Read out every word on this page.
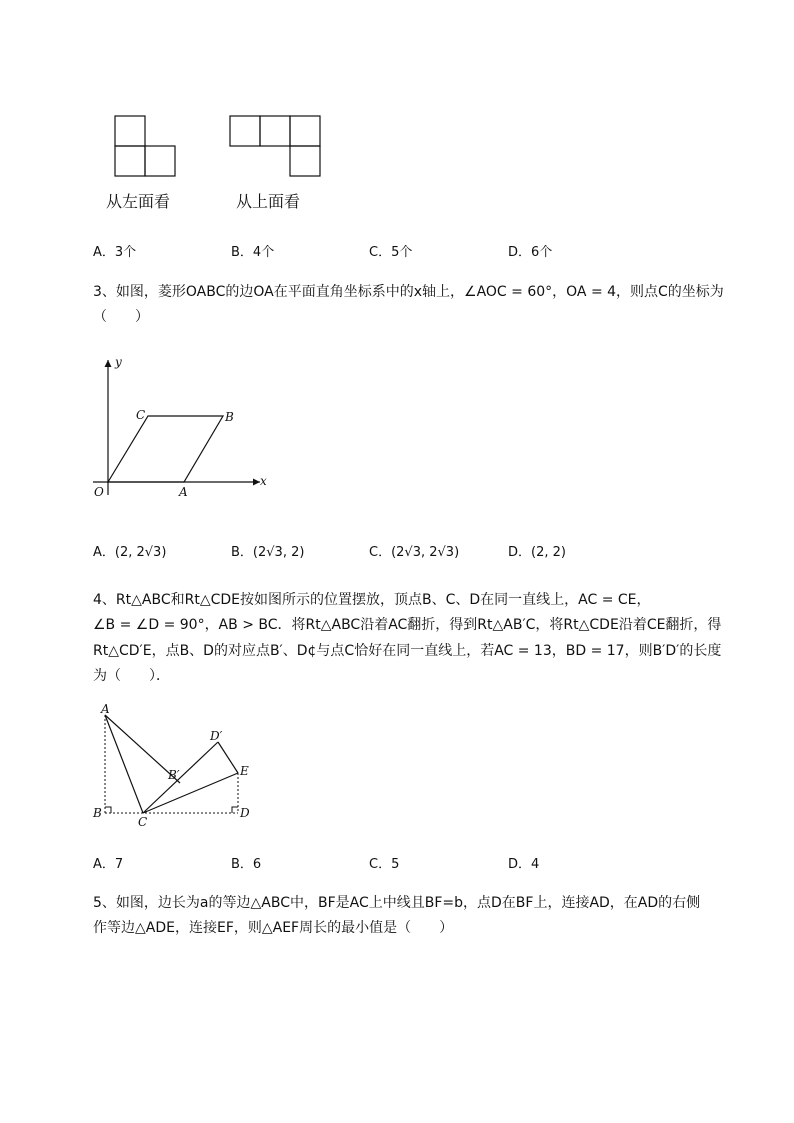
从左面看	从上面看
A．3个	B．4个	C．5个	D．6个
3、如图，菱形OABC的边OA在平面直角坐标系中的x轴上，∠AOC = 60°，OA = 4，则点C的坐标为
（　　）
y
x
O	A
B
C
A．(2, 2√3)	B．(2√3, 2)	C．(2√3, 2√3)	D．(2, 2)
4、Rt△ABC和Rt△CDE按如图所示的位置摆放，顶点B、C、D在同一直线上，AC = CE，
∠B = ∠D = 90°，AB > BC．将Rt△ABC沿着AC翻折，得到Rt△AB′C，将Rt△CDE沿着CE翻折，得
Rt△CD′E，点B、D的对应点B′、D¢与点C恰好在同一直线上，若AC = 13，BD = 17，则B′D′的长度
为（　　）．
A
B
C
D
E
B′
D′
A．7	B．6	C．5	D．4
5、如图，边长为a的等边△ABC中，BF是AC上中线且BF=b，点D在BF上，连接AD，在AD的右侧
作等边△ADE，连接EF，则△AEF周长的最小值是（　　）
